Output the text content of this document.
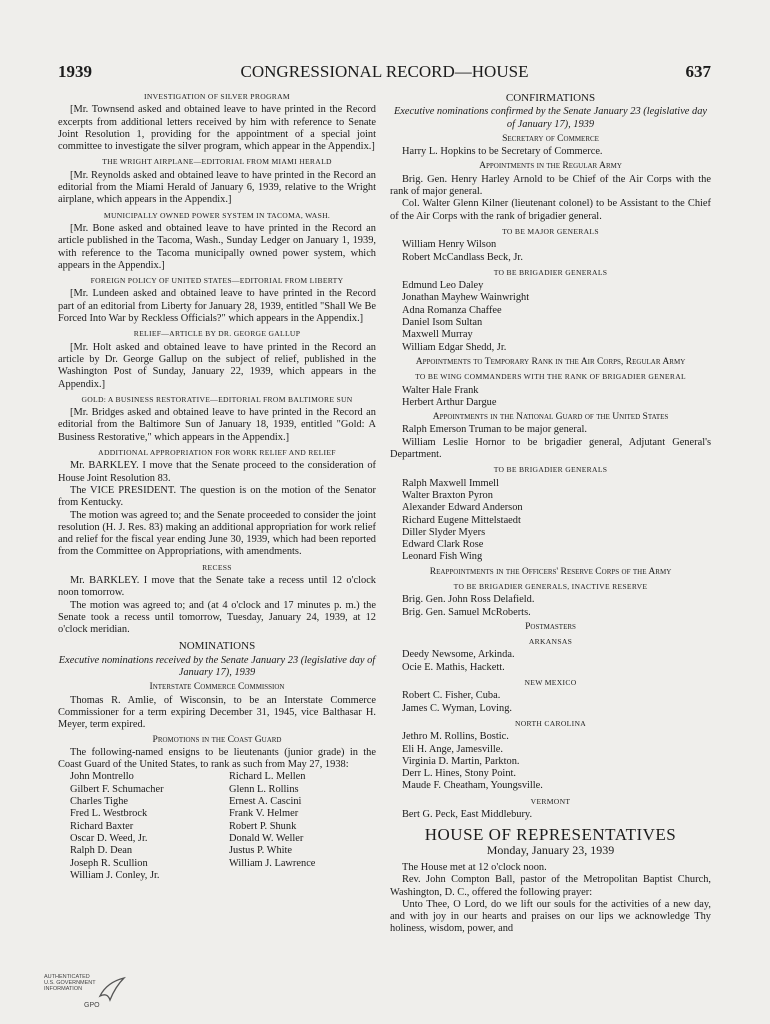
1939	CONGRESSIONAL RECORD—HOUSE	637
INVESTIGATION OF SILVER PROGRAM

[Mr. Townsend asked and obtained leave to have printed in the Record excerpts from additional letters received by him with reference to Senate Joint Resolution 1, providing for the appointment of a special joint committee to investigate the silver program, which appear in the Appendix.]

THE WRIGHT AIRPLANE—EDITORIAL FROM MIAMI HERALD

[Mr. Reynolds asked and obtained leave to have printed in the Record an editorial from the Miami Herald of January 6, 1939, relative to the Wright airplane, which appears in the Appendix.]

MUNICIPALLY OWNED POWER SYSTEM IN TACOMA, WASH.

[Mr. Bone asked and obtained leave to have printed in the Record an article published in the Tacoma, Wash., Sunday Ledger on January 1, 1939, with reference to the Tacoma municipally owned power system, which appears in the Appendix.]

FOREIGN POLICY OF UNITED STATES—EDITORIAL FROM LIBERTY

[Mr. Lundeen asked and obtained leave to have printed in the Record part of an editorial from Liberty for January 28, 1939, entitled "Shall We Be Forced Into War by Reckless Officials?" which appears in the Appendix.]

RELIEF—ARTICLE BY DR. GEORGE GALLUP

[Mr. Holt asked and obtained leave to have printed in the Record an article by Dr. George Gallup on the subject of relief, published in the Washington Post of Sunday, January 22, 1939, which appears in the Appendix.]

GOLD: A BUSINESS RESTORATIVE—EDITORIAL FROM BALTIMORE SUN

[Mr. Bridges asked and obtained leave to have printed in the Record an editorial from the Baltimore Sun of January 18, 1939, entitled "Gold: A Business Restorative," which appears in the Appendix.]

ADDITIONAL APPROPRIATION FOR WORK RELIEF AND RELIEF

Mr. BARKLEY. I move that the Senate proceed to the consideration of House Joint Resolution 83.

The VICE PRESIDENT. The question is on the motion of the Senator from Kentucky.

The motion was agreed to; and the Senate proceeded to consider the joint resolution (H. J. Res. 83) making an additional appropriation for work relief and relief for the fiscal year ending June 30, 1939, which had been reported from the Committee on Appropriations, with amendments.

RECESS

Mr. BARKLEY. I move that the Senate take a recess until 12 o'clock noon tomorrow.

The motion was agreed to; and (at 4 o'clock and 17 minutes p. m.) the Senate took a recess until tomorrow, Tuesday, January 24, 1939, at 12 o'clock meridian.

NOMINATIONS
Executive nominations received by the Senate January 23 (legislative day of January 17), 1939
Interstate Commerce Commission

Thomas R. Amlie, of Wisconsin, to be an Interstate Commerce Commissioner for a term expiring December 31, 1945, vice Balthasar H. Meyer, term expired.

Promotions in the Coast Guard

The following-named ensigns to be lieutenants (junior grade) in the Coast Guard of the United States, to rank as such from May 27, 1938:

John Montrello
Gilbert F. Schumacher
Charles Tighe
Fred L. Westbrock
Richard Baxter
Oscar D. Weed, Jr.
Ralph D. Dean
Joseph R. Scullion
William J. Conley, Jr.
Richard L. Mellen
Glenn L. Rollins
Ernest A. Cascini
Frank V. Helmer
Robert P. Shunk
Donald W. Weller
Justus P. White
William J. Lawrence
CONFIRMATIONS
Executive nominations confirmed by the Senate January 23 (legislative day of January 17), 1939
Secretary of Commerce
Harry L. Hopkins to be Secretary of Commerce.
Appointments in the Regular Army

Brig. Gen. Henry Harley Arnold to be Chief of the Air Corps with the rank of major general.

Col. Walter Glenn Kilner (lieutenant colonel) to be Assistant to the Chief of the Air Corps with the rank of brigadier general.

TO BE MAJOR GENERALS
William Henry Wilson
Robert McCandlass Beck, Jr.
TO BE BRIGADIER GENERALS
Edmund Leo Daley
Jonathan Mayhew Wainwright
Adna Romanza Chaffee
Daniel Isom Sultan
Maxwell Murray
William Edgar Shedd, Jr.
Appointments to Temporary Rank in the Air Corps, Regular Army
TO BE WING COMMANDERS WITH THE RANK OF BRIGADIER GENERAL
Walter Hale Frank
Herbert Arthur Dargue
Appointments in the National Guard of the United States

Ralph Emerson Truman to be major general.

William Leslie Hornor to be brigadier general, Adjutant General's Department.

TO BE BRIGADIER GENERALS
Ralph Maxwell Immell
Walter Braxton Pyron
Alexander Edward Anderson
Richard Eugene Mittelstaedt
Diller Slyder Myers
Edward Clark Rose
Leonard Fish Wing
Reappointments in the Officers' Reserve Corps of the Army
TO BE BRIGADIER GENERALS, INACTIVE RESERVE
Brig. Gen. John Ross Delafield.
Brig. Gen. Samuel McRoberts.
Postmasters
ARKANSAS
Deedy Newsome, Arkinda.
Ocie E. Mathis, Hackett.
NEW MEXICO
Robert C. Fisher, Cuba.
James C. Wyman, Loving.
NORTH CAROLINA
Jethro M. Rollins, Bostic.
Eli H. Ange, Jamesville.
Virginia D. Martin, Parkton.
Derr L. Hines, Stony Point.
Maude F. Cheatham, Youngsville.
VERMONT
Bert G. Peck, East Middlebury.
HOUSE OF REPRESENTATIVES
Monday, January 23, 1939

The House met at 12 o'clock noon.

Rev. John Compton Ball, pastor of the Metropolitan Baptist Church, Washington, D. C., offered the following prayer:

Unto Thee, O Lord, do we lift our souls for the activities of a new day, and with joy in our hearts and praises on our lips we acknowledge Thy holiness, wisdom, power, and

AUTHENTICATED
U.S. GOVERNMENT
INFORMATION
GPO
